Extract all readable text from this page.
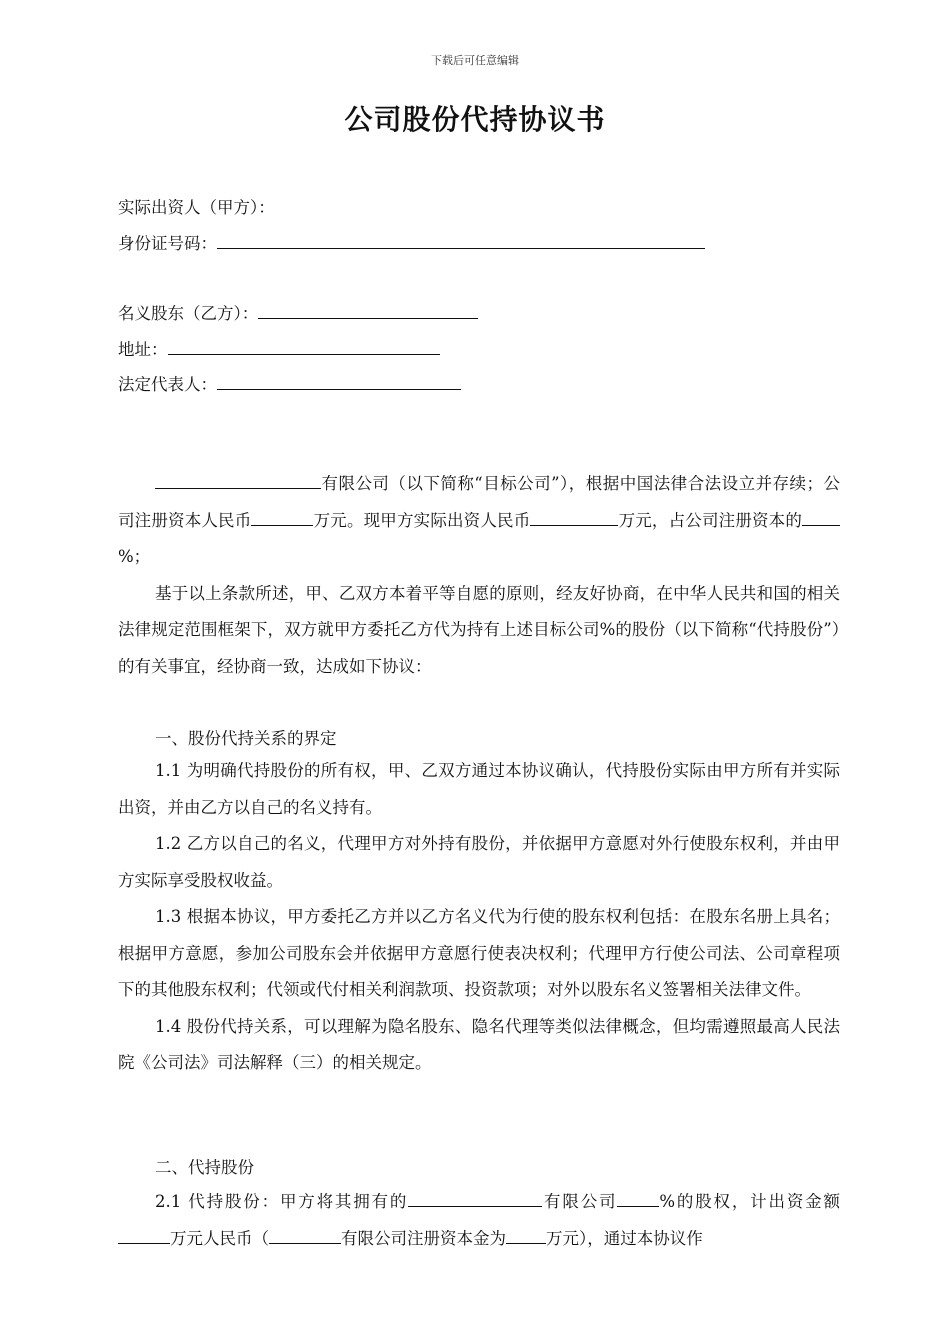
下载后可任意编辑
公司股份代持协议书
实际出资人（甲方）：
身份证号码：
名义股东（乙方）：
地址：
法定代表人：

有限公司（以下简称“目标公司”），根据中国法律合法设立并存续；公司注册资本人民币	万元。现甲方实际出资人民币	万元，占公司注册资本的%；

基于以上条款所述，甲、乙双方本着平等自愿的原则，经友好协商，在中华人民共和国的相关法律规定范围框架下，双方就甲方委托乙方代为持有上述目标公司%的股份（以下简称“代持股份”）的有关事宜，经协商一致，达成如下协议：

一、股份代持关系的界定

1.1 为明确代持股份的所有权，甲、乙双方通过本协议确认，代持股份实际由甲方所有并实际出资，并由乙方以自己的名义持有。

1.2 乙方以自己的名义，代理甲方对外持有股份，并依据甲方意愿对外行使股东权利，并由甲方实际享受股权收益。

1.3 根据本协议，甲方委托乙方并以乙方名义代为行使的股东权利包括：在股东名册上具名；根据甲方意愿，参加公司股东会并依据甲方意愿行使表决权利；代理甲方行使公司法、公司章程项下的其他股东权利；代领或代付相关利润款项、投资款项；对外以股东名义签署相关法律文件。

1.4 股份代持关系，可以理解为隐名股东、隐名代理等类似法律概念，但均需遵照最高人民法院《公司法》司法解释（三）的相关规定。

二、代持股份

2.1 代持股份：甲方将其拥有的	有限公司	%的股权，计出资金额万元人民币（	有限公司注册资本金为 万元），通过本协议作
